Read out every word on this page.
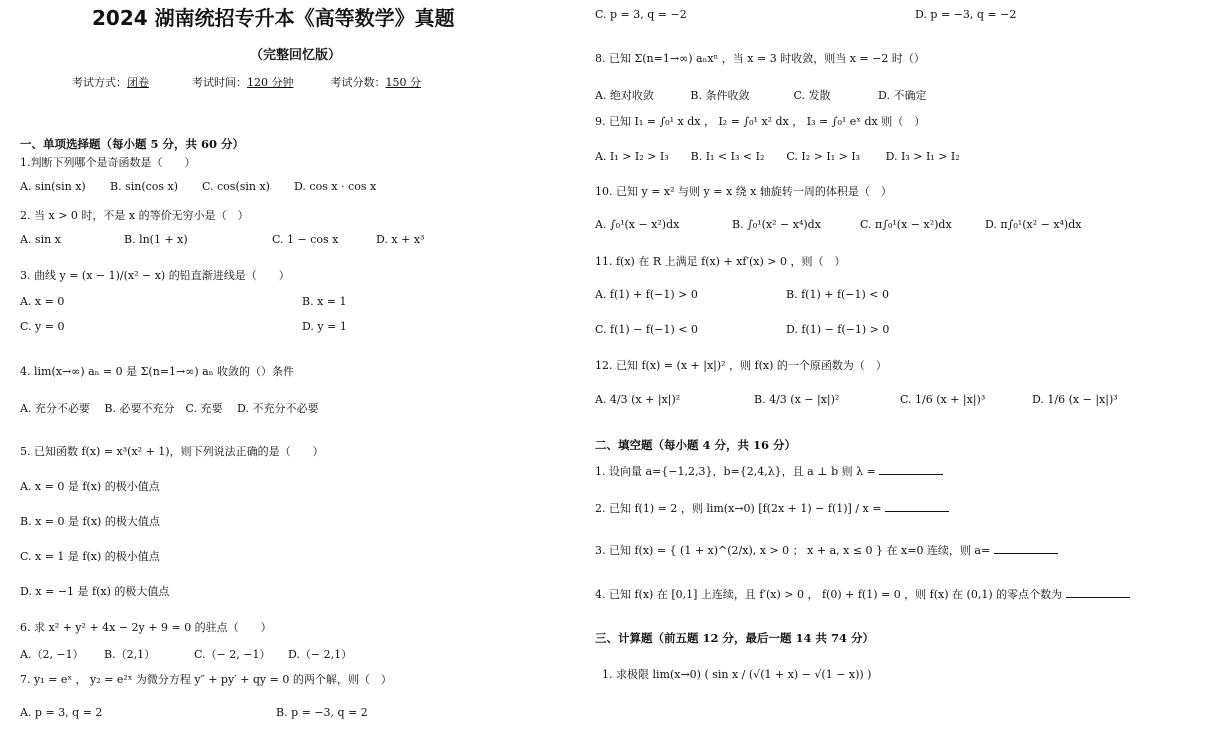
2024 湖南统招专升本《高等数学》真题
（完整回忆版）
考试方式：闭卷	考试时间：120 分钟	考试分数：150 分
一、单项选择题（每小题 5 分，共 60 分）
1.判断下列哪个是奇函数是（　　）
A. sin(sin x) B. sin(cos x) C. cos(sin x) D. cos x · cos x
2. 当 x > 0 时，不是 x 的等价无穷小是（　）
A. sin x	B. ln(1 + x)	C. 1 − cos x	D. x + x³
3. 曲线 y = (x − 1)/(x² − x) 的铅直渐进线是（　　）
A. x = 0	B. x = 1
C. y = 0	D. y = 1
4. lim(x→∞) aₙ = 0 是 Σ(n=1→∞) aₙ 收敛的（）条件
A. 充分不必要　 B. 必要不充分　C. 充要　 D. 不充分不必要
5. 已知函数 f(x) = x³(x² + 1)，则下列说法正确的是（　　）
A. x = 0 是 f(x) 的极小值点
B. x = 0 是 f(x) 的极大值点
C. x = 1 是 f(x) 的极小值点
D. x = −1 是 f(x) 的极大值点
6. 求 x² + y² + 4x − 2y + 9 = 0 的驻点（　　）
A.（2, −1） B.（2,1）	C.（− 2, −1） D.（− 2,1）
7. y₁ = eˣ ， y₂ = e²ˣ 为微分方程 y″ + py′ + qy = 0 的两个解，则（　）
A. p = 3, q = 2	B. p = −3, q = 2
C. p = 3, q = −2	D. p = −3, q = −2
8. 已知 Σ(n=1→∞) aₙxⁿ ，当 x = 3 时收敛，则当 x = −2 时（）
A. 绝对收敛　　　 B. 条件收敛　　　　C. 发散　　　　 D. 不确定
9. 已知 I₁ = ∫₀¹ x dx ， I₂ = ∫₀¹ x² dx ， I₃ = ∫₀¹ eˣ dx 则（　）
A. I₁ > I₂ > I₃　　B. I₁ < I₃ < I₂　　C. I₂ > I₁ > I₃　　 D. I₃ > I₁ > I₂
10. 已知 y = x² 与则 y = x 绕 x 轴旋转一周的体积是（　）
A. ∫₀¹(x − x²)dx	B. ∫₀¹(x² − x⁴)dx	C. π∫₀¹(x − x²)dx	D. π∫₀¹(x² − x⁴)dx
11. f(x) 在 R 上满足 f(x) + xf′(x) > 0 ，则（　）
A. f(1) + f(−1) > 0	B. f(1) + f(−1) < 0
C. f(1) − f(−1) < 0	D. f(1) − f(−1) > 0
12. 已知 f(x) = (x + |x|)² ，则 f(x) 的一个原函数为（　）
A. 4/3 (x + |x|)²	B. 4/3 (x − |x|)²	C. 1/6 (x + |x|)³	D. 1/6 (x − |x|)³
二、填空题（每小题 4 分，共 16 分）
1. 设向量 a={−1,2,3}，b={2,4,λ}，且 a ⊥ b 则 λ =
2. 已知 f(1) = 2 ，则 lim(x→0) [f(2x + 1) − f(1)] / x =
3. 已知 f(x) = { (1 + x)^(2/x), x > 0 ； x + a, x ≤ 0 } 在 x=0 连续，则 a=
4. 已知 f(x) 在 [0,1] 上连续，且 f′(x) > 0 ， f(0) + f(1) = 0 ，则 f(x) 在 (0,1) 的零点个数为
三、计算题（前五题 12 分，最后一题 14 共 74 分）
1. 求极限 lim(x→0) ( sin x / (√(1 + x) − √(1 − x)) )
